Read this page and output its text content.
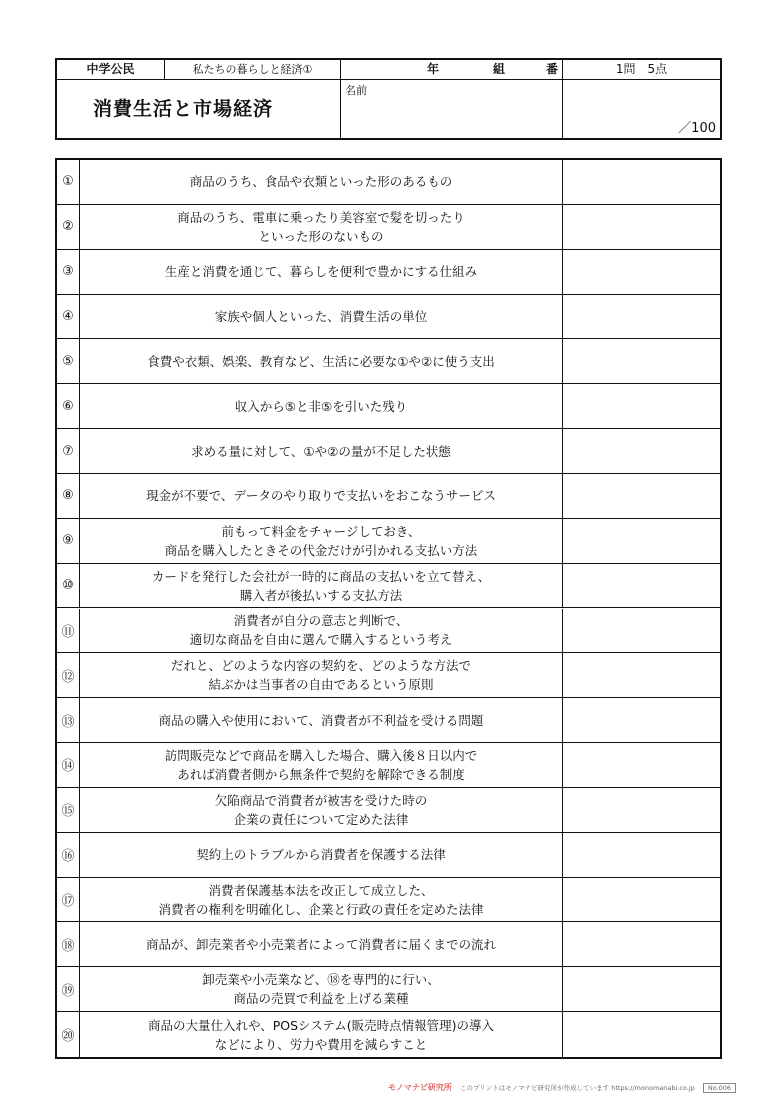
中学公民	私たちの暮らしと経済①	年	組	番	1問　5点
消費生活と市場経済
名前
／100
①	商品のうち、食品や衣類といった形のあるもの
②
商品のうち、電車に乗ったり美容室で髪を切ったり
といった形のないもの
③	生産と消費を通じて、暮らしを便利で豊かにする仕組み
④	家族や個人といった、消費生活の単位
⑤	食費や衣類、娯楽、教育など、生活に必要な①や②に使う支出
⑥	収入から⑤と非⑤を引いた残り
⑦	求める量に対して、①や②の量が不足した状態
⑧	現金が不要で、データのやり取りで支払いをおこなうサービス
⑨
前もって料金をチャージしておき、
商品を購入したときその代金だけが引かれる支払い方法
⑩
カードを発行した会社が一時的に商品の支払いを立て替え、
購入者が後払いする支払方法
⑪
消費者が自分の意志と判断で、
適切な商品を自由に選んで購入するという考え
⑫
だれと、どのような内容の契約を、どのような方法で
結ぶかは当事者の自由であるという原則
⑬	商品の購入や使用において、消費者が不利益を受ける問題
⑭
訪問販売などで商品を購入した場合、購入後８日以内で
あれば消費者側から無条件で契約を解除できる制度
⑮
欠陥商品で消費者が被害を受けた時の
企業の責任について定めた法律
⑯	契約上のトラブルから消費者を保護する法律
⑰
消費者保護基本法を改正して成立した、
消費者の権利を明確化し、企業と行政の責任を定めた法律
⑱	商品が、卸売業者や小売業者によって消費者に届くまでの流れ
⑲
卸売業や小売業など、⑱を専門的に行い、
商品の売買で利益を上げる業種
⑳
商品の大量仕入れや、POSシステム(販売時点情報管理)の導入
などにより、労力や費用を減らすこと
モノマナビ研究所 このプリントはモノマナビ研究所が作成しています https://monomanabi.co.jp No.006
